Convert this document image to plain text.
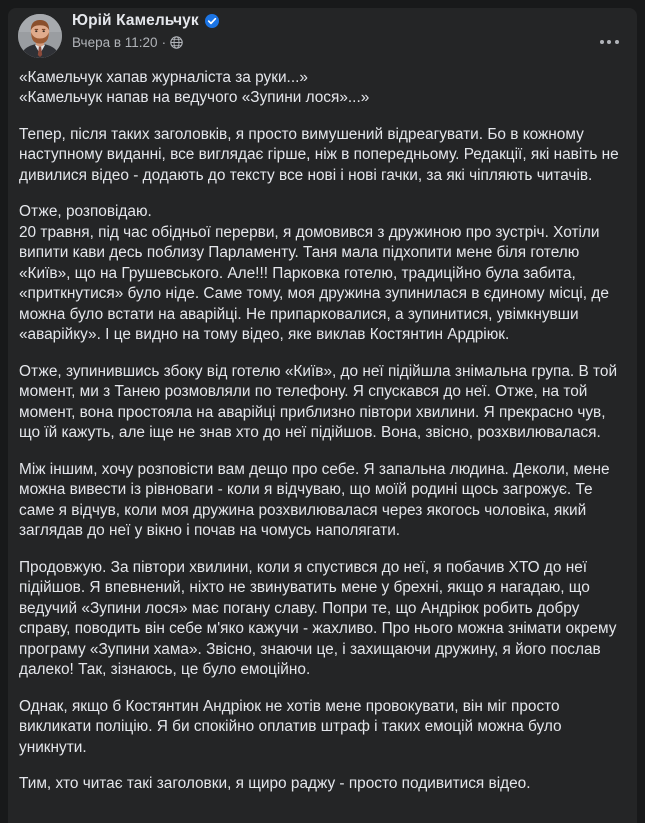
Юрій Камельчук
Вчера в 11:20 ·

«Камельчук хапав журналіста за руки...»
«Камельчук напав на ведучого «Зупини лося»...»

Тепер, після таких заголовків, я просто вимушений відреагувати. Бо в кожному наступному виданні, все виглядає гірше, ніж в попередньому. Редакції, які навіть не дивилися відео - додають до тексту все нові і нові гачки, за які чіпляють читачів.

Отже, розповідаю.
20 травня, під час обідньої перерви, я домовився з дружиною про зустріч. Хотіли випити кави десь поблизу Парламенту. Таня мала підхопити мене біля готелю «Київ», що на Грушевського. Але!!! Парковка готелю, традиційно була забита, «приткнутися» було ніде. Саме тому, моя дружина зупинилася в єдиному місці, де можна було встати на аварійці. Не припарковалися, а зупинитися, увімкнувши «аварійку». І це видно на тому відео, яке виклав Костянтин Ардріюк.

Отже, зупинившись збоку від готелю «Київ», до неї підійшла знімальна група. В той момент, ми з Танею розмовляли по телефону. Я спускався до неї. Отже, на той момент, вона простояла на аварійці приблизно півтори хвилини. Я прекрасно чув, що їй кажуть, але іще не знав хто до неї підійшов. Вона, звісно, розхвилювалася.

Між іншим, хочу розповісти вам дещо про себе. Я запальна людина. Деколи, мене можна вивести із рівноваги - коли я відчуваю, що моїй родині щось загрожує. Те саме я відчув, коли моя дружина розхвилювалася через якогось чоловіка, який заглядав до неї у вікно і почав на чомусь наполягати.

Продовжую. За півтори хвилини, коли я спустився до неї, я побачив ХТО до неї підійшов. Я впевнений, ніхто не звинуватить мене у брехні, якщо я нагадаю, що ведучий «Зупини лося» має погану славу. Попри те, що Андріюк робить добру справу, поводить він себе м'яко кажучи - жахливо. Про нього можна знімати окрему програму «Зупини хама». Звісно, знаючи це, і захищаючи дружину, я його послав далеко! Так, зізнаюсь, це було емоційно.

Однак, якщо б Костянтин Андріюк не хотів мене провокувати, він міг просто викликати поліцію. Я би спокійно оплатив штраф і таких емоцій можна було уникнути.

Тим, хто читає такі заголовки, я щиро раджу - просто подивитися відео.
